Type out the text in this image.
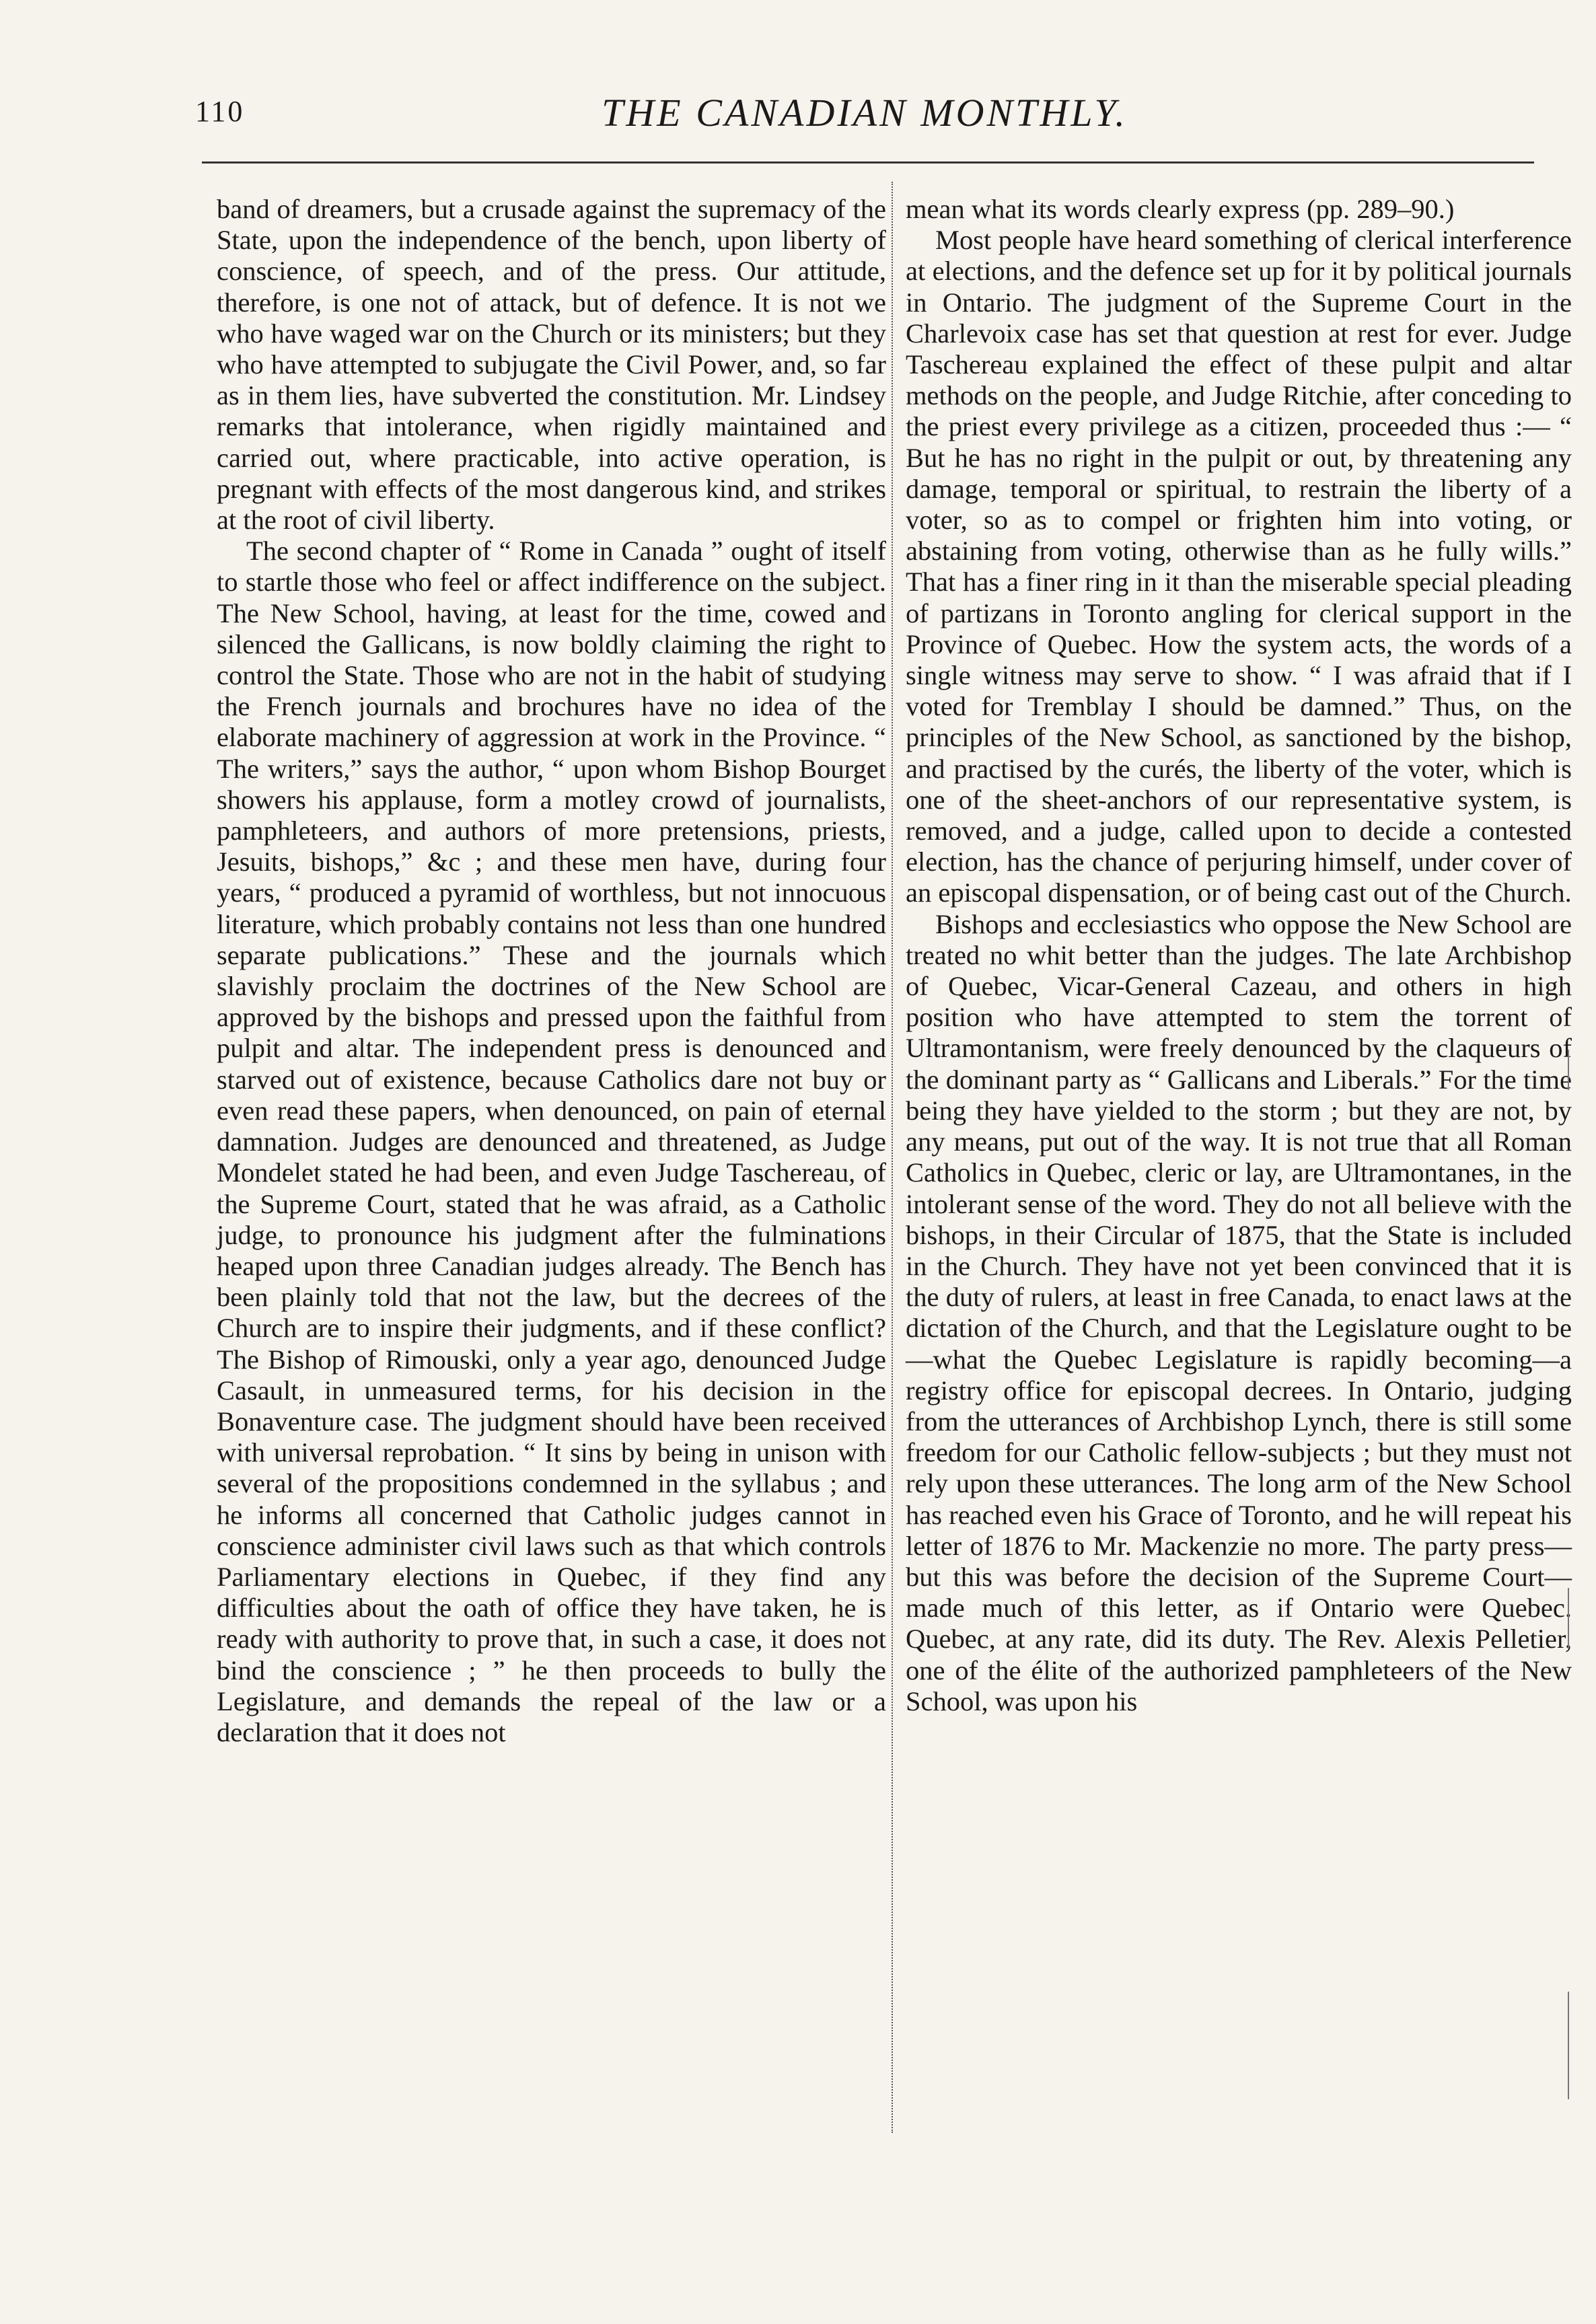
110	THE CANADIAN MONTHLY.

band of dreamers, but a crusade against the supremacy of the State, upon the independence of the bench, upon liberty of conscience, of speech, and of the press. Our attitude, therefore, is one not of attack, but of defence. It is not we who have waged war on the Church or its ministers; but they who have attempted to subjugate the Civil Power, and, so far as in them lies, have subverted the constitution. Mr. Lindsey remarks that intolerance, when rigidly maintained and carried out, where practicable, into active operation, is pregnant with effects of the most dangerous kind, and strikes at the root of civil liberty.

The second chapter of “ Rome in Canada ” ought of itself to startle those who feel or affect indifference on the subject. The New School, having, at least for the time, cowed and silenced the Gallicans, is now boldly claiming the right to control the State. Those who are not in the habit of studying the French journals and brochures have no idea of the elaborate machinery of aggression at work in the Province. “ The writers,” says the author, “ upon whom Bishop Bourget showers his applause, form a motley crowd of journalists, pamphleteers, and authors of more pretensions, priests, Jesuits, bishops,” &c ; and these men have, during four years, “ produced a pyramid of worthless, but not innocuous literature, which probably contains not less than one hundred separate publications.” These and the journals which slavishly proclaim the doctrines of the New School are approved by the bishops and pressed upon the faithful from pulpit and altar. The independent press is denounced and starved out of existence, because Catholics dare not buy or even read these papers, when denounced, on pain of eternal damnation. Judges are denounced and threatened, as Judge Mondelet stated he had been, and even Judge Taschereau, of the Supreme Court, stated that he was afraid, as a Catholic judge, to pronounce his judgment after the fulminations heaped upon three Canadian judges already. The Bench has been plainly told that not the law, but the decrees of the Church are to inspire their judgments, and if these conflict? The Bishop of Rimouski, only a year ago, denounced Judge Casault, in unmeasured terms, for his decision in the Bonaventure case. The judgment should have been received with universal reprobation. “ It sins by being in unison with several of the propositions condemned in the syllabus ; and he informs all concerned that Catholic judges cannot in conscience administer civil laws such as that which controls Parliamentary elections in Quebec, if they find any difficulties about the oath of office they have taken, he is ready with authority to prove that, in such a case, it does not bind the conscience ; ” he then proceeds to bully the Legislature, and demands the repeal of the law or a declaration that it does not

mean what its words clearly express (pp. 289–90.)

Most people have heard something of clerical interference at elections, and the defence set up for it by political journals in Ontario. The judgment of the Supreme Court in the Charlevoix case has set that question at rest for ever. Judge Taschereau explained the effect of these pulpit and altar methods on the people, and Judge Ritchie, after conceding to the priest every privilege as a citizen, proceeded thus :— “ But he has no right in the pulpit or out, by threatening any damage, temporal or spiritual, to restrain the liberty of a voter, so as to compel or frighten him into voting, or abstaining from voting, otherwise than as he fully wills.” That has a finer ring in it than the miserable special pleading of partizans in Toronto angling for clerical support in the Province of Quebec. How the system acts, the words of a single witness may serve to show. “ I was afraid that if I voted for Tremblay I should be damned.” Thus, on the principles of the New School, as sanctioned by the bishop, and practised by the curés, the liberty of the voter, which is one of the sheet-anchors of our representative system, is removed, and a judge, called upon to decide a contested election, has the chance of perjuring himself, under cover of an episcopal dispensation, or of being cast out of the Church.

Bishops and ecclesiastics who oppose the New School are treated no whit better than the judges. The late Archbishop of Quebec, Vicar-General Cazeau, and others in high position who have attempted to stem the torrent of Ultramontanism, were freely denounced by the claqueurs of the dominant party as “ Gallicans and Liberals.” For the time being they have yielded to the storm ; but they are not, by any means, put out of the way. It is not true that all Roman Catholics in Quebec, cleric or lay, are Ultramontanes, in the intolerant sense of the word. They do not all believe with the bishops, in their Circular of 1875, that the State is included in the Church. They have not yet been convinced that it is the duty of rulers, at least in free Canada, to enact laws at the dictation of the Church, and that the Legislature ought to be—what the Quebec Legislature is rapidly becoming—a registry office for episcopal decrees. In Ontario, judging from the utterances of Archbishop Lynch, there is still some freedom for our Catholic fellow-subjects ; but they must not rely upon these utterances. The long arm of the New School has reached even his Grace of Toronto, and he will repeat his letter of 1876 to Mr. Mackenzie no more. The party press—but this was before the decision of the Supreme Court—made much of this letter, as if Ontario were Quebec. Quebec, at any rate, did its duty. The Rev. Alexis Pelletier, one of the élite of the authorized pamphleteers of the New School, was upon his
